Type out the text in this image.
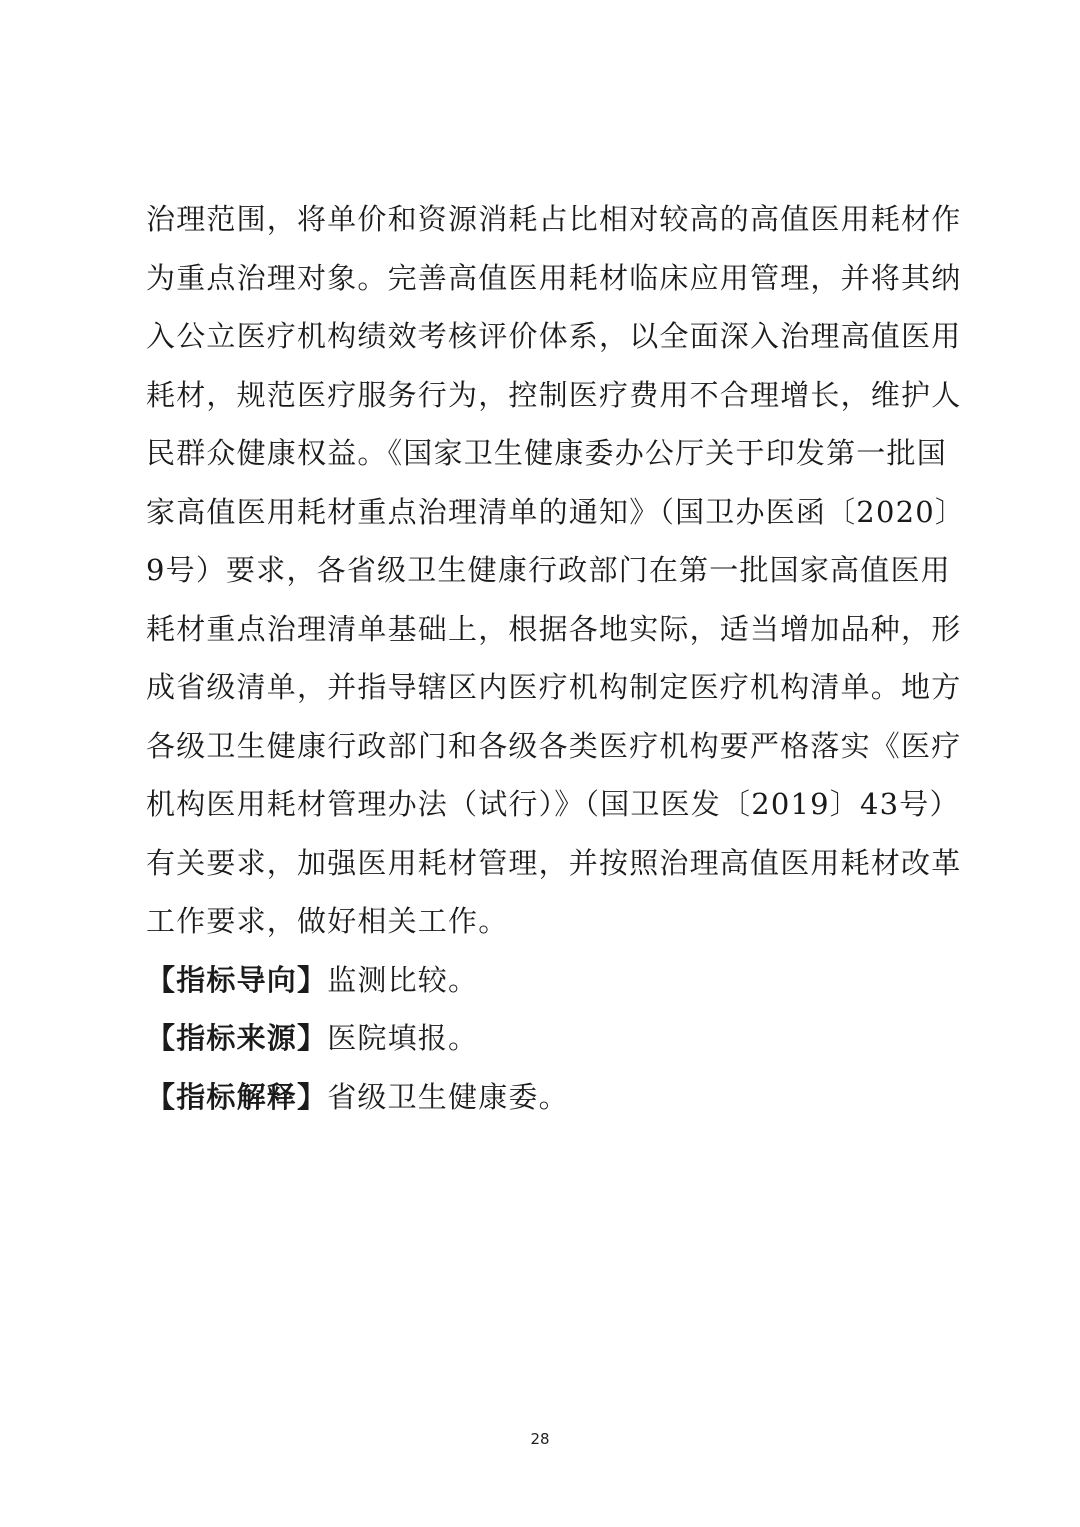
治理范围，将单价和资源消耗占比相对较高的高值医用耗材作
为重点治理对象。完善高值医用耗材临床应用管理，并将其纳
入公立医疗机构绩效考核评价体系，以全面深入治理高值医用
耗材，规范医疗服务行为，控制医疗费用不合理增长，维护人
民群众健康权益。《国家卫生健康委办公厅关于印发第一批国
家高值医用耗材重点治理清单的通知》（国卫办医函〔2020〕
9号）要求，各省级卫生健康行政部门在第一批国家高值医用
耗材重点治理清单基础上，根据各地实际，适当增加品种，形
成省级清单，并指导辖区内医疗机构制定医疗机构清单。地方
各级卫生健康行政部门和各级各类医疗机构要严格落实《医疗
机构医用耗材管理办法（试行）》（国卫医发〔2019〕43号）
有关要求，加强医用耗材管理，并按照治理高值医用耗材改革
工作要求，做好相关工作。
【指标导向】监测比较。
【指标来源】医院填报。
【指标解释】省级卫生健康委。
28
